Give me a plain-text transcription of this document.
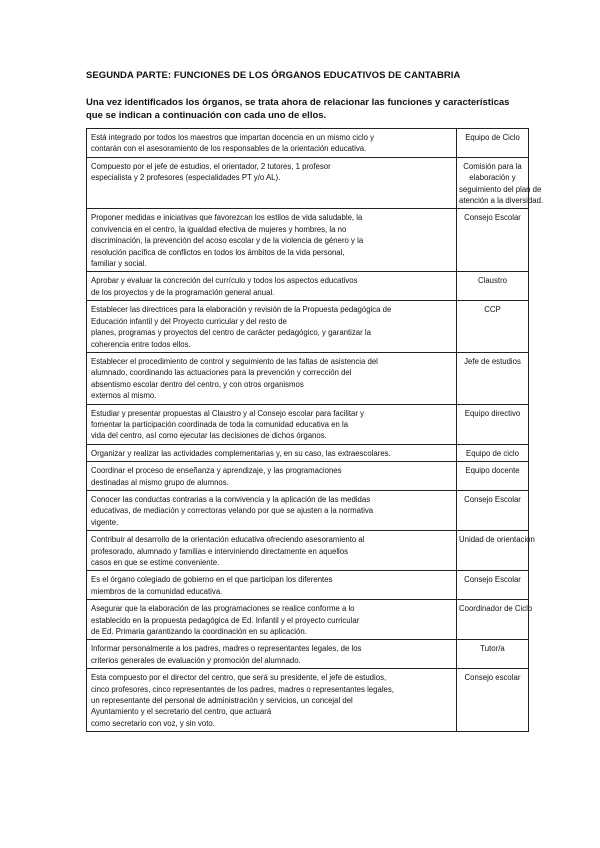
SEGUNDA PARTE: FUNCIONES DE LOS ÓRGANOS EDUCATIVOS DE CANTABRIA
Una vez identificados los órganos, se trata ahora de relacionar las funciones y características
que se indican a continuación con cada uno de ellos.
Está integrado por todos los maestros que impartan docencia en un mismo ciclo y
contarán con el asesoramiento de los responsables de la orientación educativa.	Equipo de Ciclo

Compuesto por el jefe de estudios, el orientador, 2 tutores, 1 profesor
especialista y 2 profesores (especialidades PT y/o AL).	Comisión para la
elaboración y
seguimiento del plan de
atención a la diversidad.

Proponer medidas e iniciativas que favorezcan los estilos de vida saludable, la
convivencia en el centro, la igualdad efectiva de mujeres y hombres, la no
discriminación, la prevención del acoso escolar y de la violencia de género y la
resolución pacífica de conflictos en todos los ámbitos de la vida personal,
familiar y social.	Consejo Escolar

Aprobar y evaluar la concreción del currículo y todos los aspectos educativos
de los proyectos y de la programación general anual.	Claustro

Establecer las directrices para la elaboración y revisión de la Propuesta pedagógica de
Educación infantil y del Proyecto curricular y del resto de
planes, programas y proyectos del centro de carácter pedagógico, y garantizar la
coherencia entre todos ellos.	CCP

Establecer el procedimiento de control y seguimiento de las faltas de asistencia del
alumnado, coordinando las actuaciones para la prevención y corrección del
absentismo escolar dentro del centro, y con otros organismos
externos al mismo.	Jefe de estudios

Estudiar y presentar propuestas al Claustro y al Consejo escolar para facilitar y
fomentar la participación coordinada de toda la comunidad educativa en la
vida del centro, así como ejecutar las decisiones de dichos órganos.	Equipo directivo

Organizar y realizar las actividades complementarias y, en su caso, las extraescolares.	Equipo de ciclo

Coordinar el proceso de enseñanza y aprendizaje, y las programaciones
destinadas al mismo grupo de alumnos.	Equipo docente

Conocer las conductas contrarias a la convivencia y la aplicación de las medidas
educativas, de mediación y correctoras velando por que se ajusten a la normativa
vigente.	Consejo Escolar

Contribuir al desarrollo de la orientación educativa ofreciendo asesoramiento al
profesorado, alumnado y familias e interviniendo directamente en aquellos
casos en que se estime conveniente.	Unidad de orientación

Es el órgano colegiado de gobierno en el que participan los diferentes
miembros de la comunidad educativa.	Consejo Escolar

Asegurar que la elaboración de las programaciones se realice conforme a lo
establecido en la propuesta pedagógica de Ed. Infantil y el proyecto curricular
de Ed. Primaria garantizando la coordinación en su aplicación.	Coordinador de Ciclo

Informar personalmente a los padres, madres o representantes legales, de los
criterios generales de evaluación y promoción del alumnado.	Tutor/a

Esta compuesto por el director del centro, que será su presidente, el jefe de estudios,
cinco profesores, cinco representantes de los padres, madres o representantes legales,
un representante del personal de administración y servicios, un concejal del
Ayuntamiento y el secretario del centro, que actuará
como secretario con voz, y sin voto.	Consejo escolar
